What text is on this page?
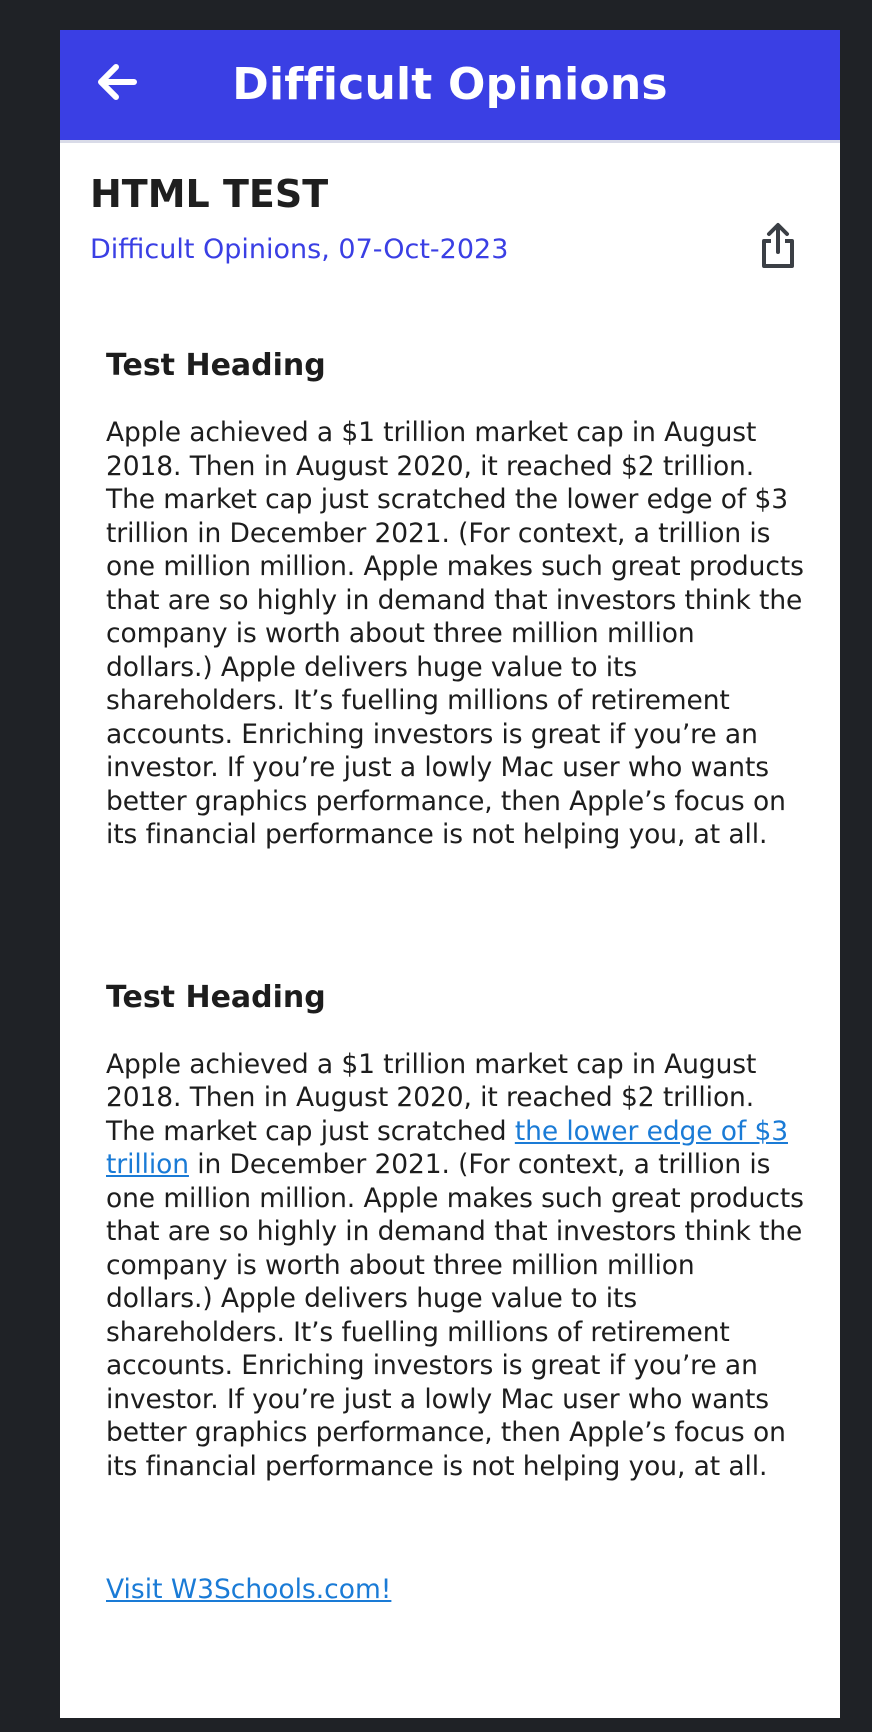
Difficult Opinions
HTML TEST
Difficult Opinions, 07-Oct-2023
Test Heading

Apple achieved a $1 trillion market cap in August 2018. Then in August 2020, it reached $2 trillion. The market cap just scratched the lower edge of $3 trillion in December 2021. (For context, a trillion is one million million. Apple makes such great products that are so highly in demand that investors think the company is worth about three million million dollars.) Apple delivers huge value to its shareholders. It’s fuelling millions of retirement accounts. Enriching investors is great if you’re an investor. If you’re just a lowly Mac user who wants better graphics performance, then Apple’s focus on its financial performance is not helping you, at all.

Test Heading

Apple achieved a $1 trillion market cap in August 2018. Then in August 2020, it reached $2 trillion. The market cap just scratched the lower edge of $3 trillion in December 2021. (For context, a trillion is one million million. Apple makes such great products that are so highly in demand that investors think the company is worth about three million million dollars.) Apple delivers huge value to its shareholders. It’s fuelling millions of retirement accounts. Enriching investors is great if you’re an investor. If you’re just a lowly Mac user who wants better graphics performance, then Apple’s focus on its financial performance is not helping you, at all.

Visit W3Schools.com!
